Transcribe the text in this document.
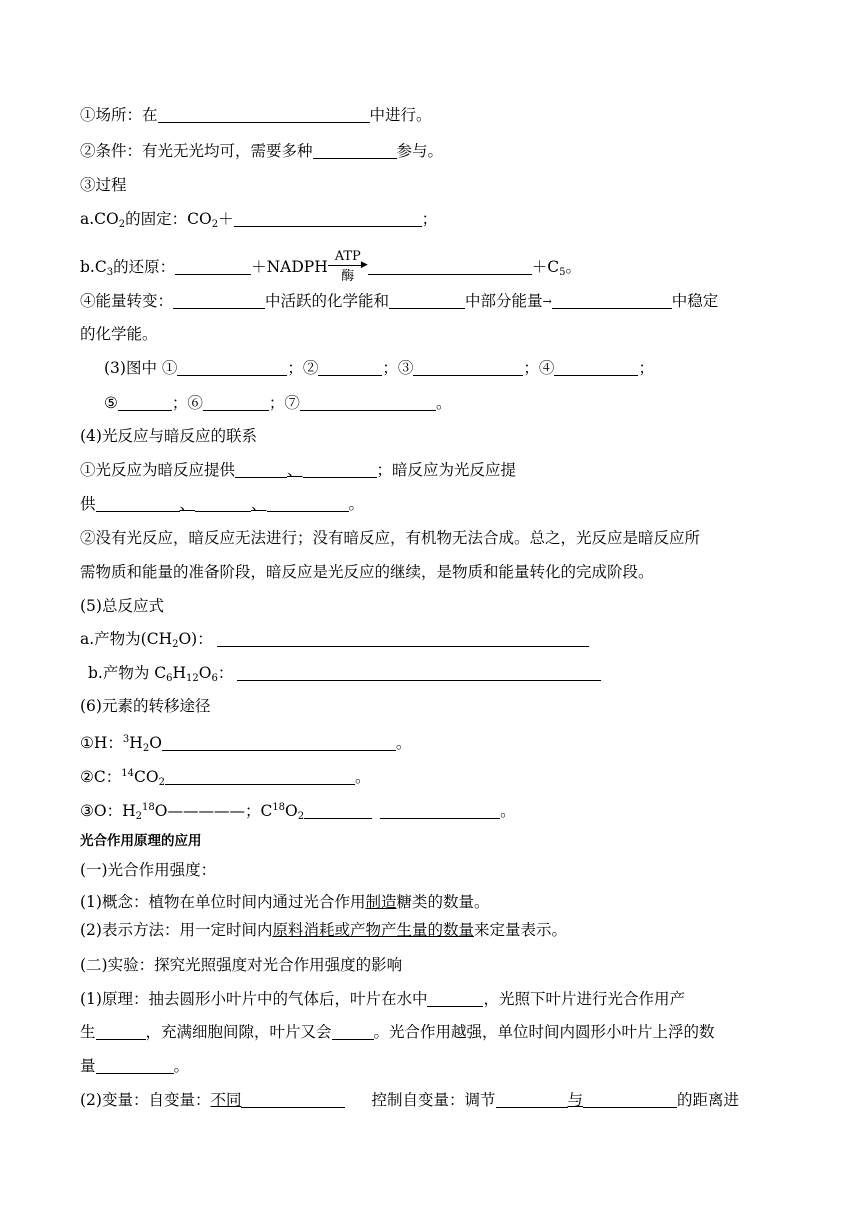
①场所：在	中进行。
②条件：有光无光均可，需要多种	参与。
③过程
$a.CO_2$的固定：$CO_2+$	；
$b.C_3$的还原：	＋NADPH
ATP
▶
酶
$+C_5$。
④能量转变：	中活跃的化学能和	中部分能量→	中稳定
的化学能。
(3)图中 ①	；②	；③	；④	；
⑤	；⑥	；⑦	。
(4)光反应与暗反应的联系
①光反应为暗反应提供	、	；暗反应为光反应提
供	、	、	。
②没有光反应，暗反应无法进行；没有暗反应，有机物无法合成。总之，光反应是暗反应所
需物质和能量的准备阶段，暗反应是光反应的继续，是物质和能量转化的完成阶段。
(5)总反应式
a.产物为$(CH_2O)$：
b.产物为 $C_6H_{12}O_6$：
(6)元素的转移途径
①H：$^3H_2O$	。
②C：$^{14}CO_2$	。
③O：$H_2^{18}O—————$；$C^{18}O_2$	。
光合作用原理的应用
(一)光合作用强度：
(1)概念：植物在单位时间内通过光合作用制造糖类的数量。
(2)表示方法：用一定时间内原料消耗或产物产生量的数量来定量表示。
(二)实验：探究光照强度对光合作用强度的影响
(1)原理：抽去圆形小叶片中的气体后，叶片在水中	，光照下叶片进行光合作用产
生	，充满细胞间隙，叶片又会	。光合作用越强，单位时间内圆形小叶片上浮的数
量	。
(2)变量：自变量：不同	控制自变量：调节	与	的距离进
